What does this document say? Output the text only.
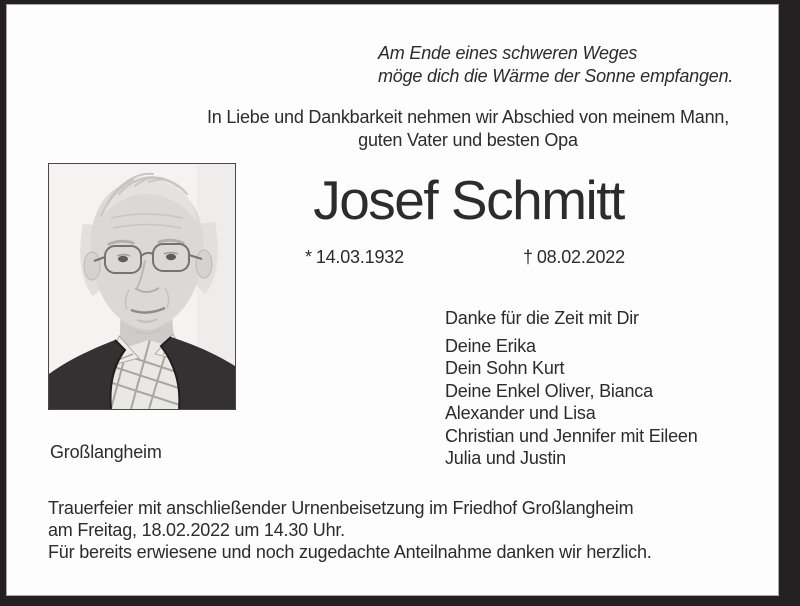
Am Ende eines schweren Weges
möge dich die Wärme der Sonne empfangen.
In Liebe und Dankbarkeit nehmen wir Abschied von meinem Mann,
guten Vater und besten Opa
Josef Schmitt
* 14.03.1932	† 08.02.2022
Danke für die Zeit mit Dir
Deine Erika
Dein Sohn Kurt
Deine Enkel Oliver, Bianca
Alexander und Lisa
Christian und Jennifer mit Eileen
Julia und Justin
Großlangheim
Trauerfeier mit anschließender Urnenbeisetzung im Friedhof Großlangheim
am Freitag, 18.02.2022 um 14.30 Uhr.
Für bereits erwiesene und noch zugedachte Anteilnahme danken wir herzlich.
